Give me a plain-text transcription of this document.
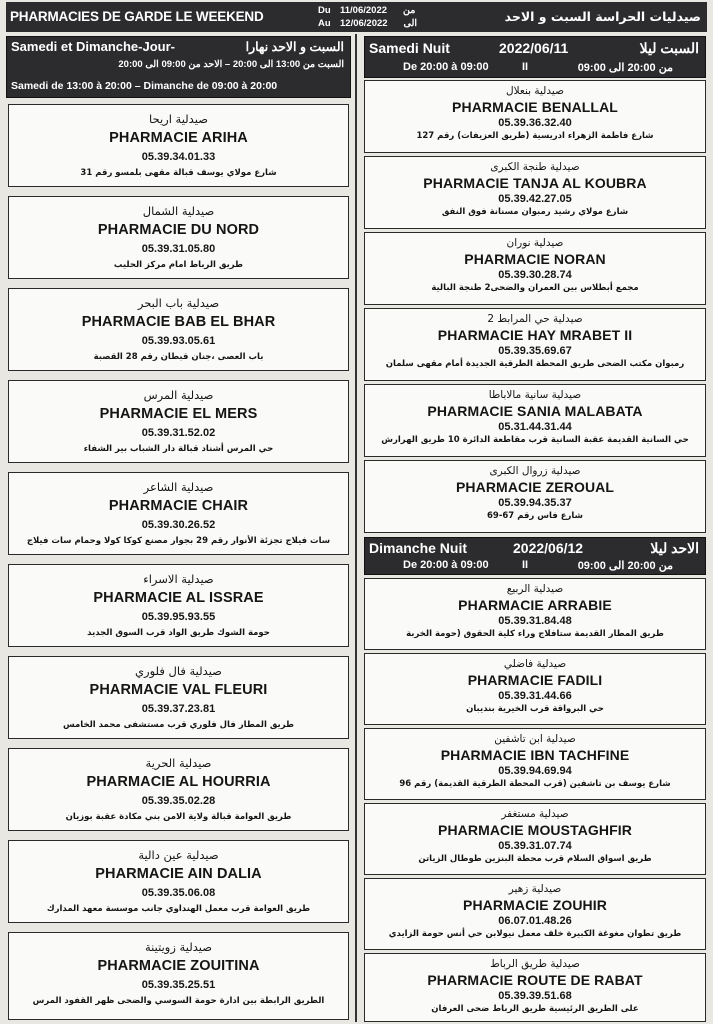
PHARMACIES DE GARDE LE WEEKEND	Du 11/06/2022 من
Au 12/06/2022 الى	صيدليات الحراسة السبت و الاحد
Samedi et Dimanche-Jour-	السبت و الاحد نهارا
السبت من 13:00 الى 20:00 – الاحد من 09:00 الى 20:00
Samedi de 13:00 à 20:00 – Dimanche de 09:00 à 20:00
Samedi Nuit	2022/06/11	السبت ليلا
De 20:00 à 09:00	II	من 20:00 الى 09:00
Dimanche Nuit	2022/06/12	الاحد ليلا
De 20:00 à 09:00	II	من 20:00 الى 09:00
صيدلية اريحا
PHARMACIE ARIHA
05.39.34.01.33
شارع مولاي يوسف قبالة مقهى بلمسو رقم 31
صيدلية الشمال
PHARMACIE DU NORD
05.39.31.05.80
طريق الرباط امام مركز الحليب
صيدلية باب البحر
PHARMACIE BAB EL BHAR
05.39.93.05.61
باب العصى ،جنان قبطان رقم 28 القصبة
صيدلية المرس
PHARMACIE EL MERS
05.39.31.52.02
حي المرس أشناد قبالة دار الشباب بير الشفاء
صيدلية الشاعر
PHARMACIE CHAIR
05.39.30.26.52
سات فيلاج تجزئة الأنوار رقم 29 بجوار مصنع كوكا كولا وحمام سات فيلاج
صيدلية الاسراء
PHARMACIE AL ISSRAE
05.39.95.93.55
حومة الشوك طريق الواد قرب السوق الجديد
صيدلية فال فلوري
PHARMACIE VAL FLEURI
05.39.37.23.81
طريق المطار فال فلوري قرب مستشفى محمد الخامس
صيدلية الحرية
PHARMACIE AL HOURRIA
05.39.35.02.28
طريق العوامة قبالة ولاية الامن بني مكادة عقبة بوزيان
صيدلية عين دالية
PHARMACIE AIN DALIA
05.39.35.06.08
طريق العوامة قرب معمل الهنداوي جانب موسسة معهد المدارك
صيدلية زويتينة
PHARMACIE ZOUITINA
05.39.35.25.51
الطريق الرابطة بين ادارة حومة السوسي والضحى ظهر القفود المرس
صيدلية بنعلال
PHARMACIE BENALLAL
05.39.36.32.40
شارع فاطمة الزهراء ادريسية (طريق العزيفات) رقم 127
صيدلية طنجة الكبرى
PHARMACIE TANJA AL KOUBRA
05.39.42.27.05
شارع مولاي رشيد رمبوان مسنانة فوق النفق
صيدلية نوران
PHARMACIE NORAN
05.39.30.28.74
مجمع أبطلاس بين العمران والضحى2 طنجة البالية
صيدلية حي المرابط 2
PHARMACIE HAY MRABET II
05.39.35.69.67
رمبوان مكتب الضحى طريق المحطة الطرقية الجديدة أمام مقهى سلمان
صيدلية سانية مالاباطا
PHARMACIE SANIA MALABATA
05.31.44.31.44
حي السانية القديمة عقبة السانية قرب مقاطعة الدائرة 10 طريق الهرارش
صيدلية زروال الكبرى
PHARMACIE ZEROUAL
05.39.94.35.37
شارع فاس رقم 67-69
صيدلية الربيع
PHARMACIE ARRABIE
05.39.31.84.48
طريق المطار القديمة ستافلاج وراء كلية الحقوق (حومة الخربة
صيدلية فاضلي
PHARMACIE FADILI
05.39.31.44.66
حي البرواقة قرب الخيرية بنديبان
صيدلية ابن تاشفين
PHARMACIE IBN TACHFINE
05.39.94.69.94
شارع يوسف بن تاشفين (قرب المحطة الطرقية القديمة) رقم 96
صيدلية مستغفر
PHARMACIE MOUSTAGHFIR
05.39.31.07.74
طريق اسواق السلام قرب محطة البنزين طوطال الزياتن
صيدلية زهير
PHARMACIE ZOUHIR
06.07.01.48.26
طريق تطوان مغوغة الكبيرة خلف معمل نيولابن حي أنس حومة الزايدي
صيدلية طريق الرباط
PHARMACIE ROUTE DE RABAT
05.39.39.51.68
على الطريق الرئيسية طريق الرباط ضحى العرفان
